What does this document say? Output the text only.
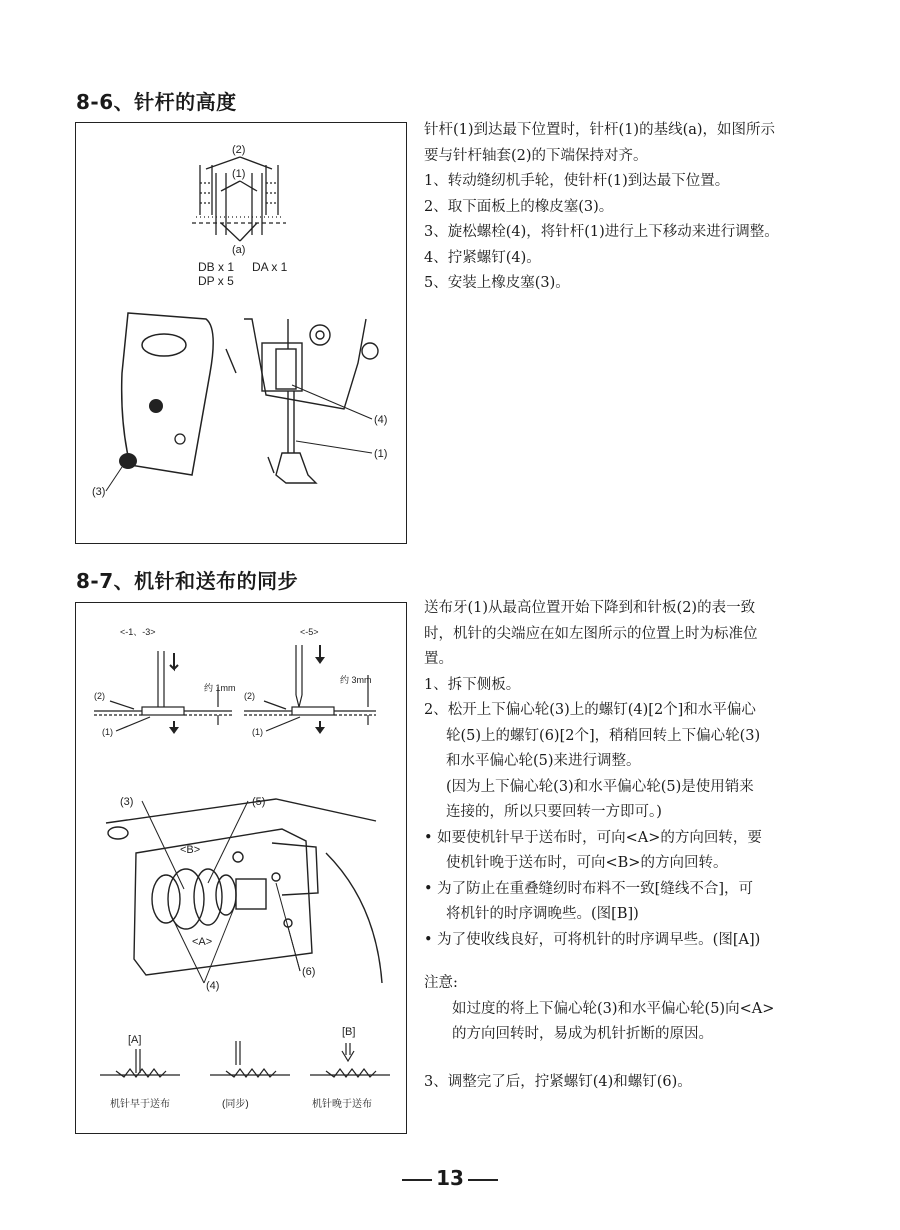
8-6、针杆的高度
(2)
(1)
(a)
DB x 1 DA x 1
DP x 5
(3)
(4)
(1)

针杆(1)到达最下位置时，针杆(1)的基线(a)，如图所示

要与针杆轴套(2)的下端保持对齐。

1、转动缝纫机手轮，使针杆(1)到达最下位置。

2、取下面板上的橡皮塞(3)。

3、旋松螺栓(4)，将针杆(1)进行上下移动来进行调整。

4、拧紧螺钉(4)。

5、安装上橡皮塞(3)。

8-7、机针和送布的同步
<-1、-3>	<-5>
约 1mm
约 3mm
(2)
(1)
(2)
(1)
(3)	(5)
<B>
<A>
(4)
(6)
[A]
[B]
机针早于送布	(同步)	机针晚于送布

送布牙(1)从最高位置开始下降到和针板(2)的表一致

时，机针的尖端应在如左图所示的位置上时为标准位

置。

1、拆下侧板。

2、松开上下偏心轮(3)上的螺钉(4)[2个]和水平偏心

轮(5)上的螺钉(6)[2个]，稍稍回转上下偏心轮(3)

和水平偏心轮(5)来进行调整。

(因为上下偏心轮(3)和水平偏心轮(5)是使用销来

连接的，所以只要回转一方即可。)

• 如要使机针早于送布时，可向<A>的方向回转，要

使机针晚于送布时，可向<B>的方向回转。

• 为了防止在重叠缝纫时布料不一致[缝线不合]，可

将机针的时序调晚些。(图[B])

• 为了使收线良好，可将机针的时序调早些。(图[A])

注意:

如过度的将上下偏心轮(3)和水平偏心轮(5)向<A>

的方向回转时，易成为机针折断的原因。

3、调整完了后，拧紧螺钉(4)和螺钉(6)。

13
